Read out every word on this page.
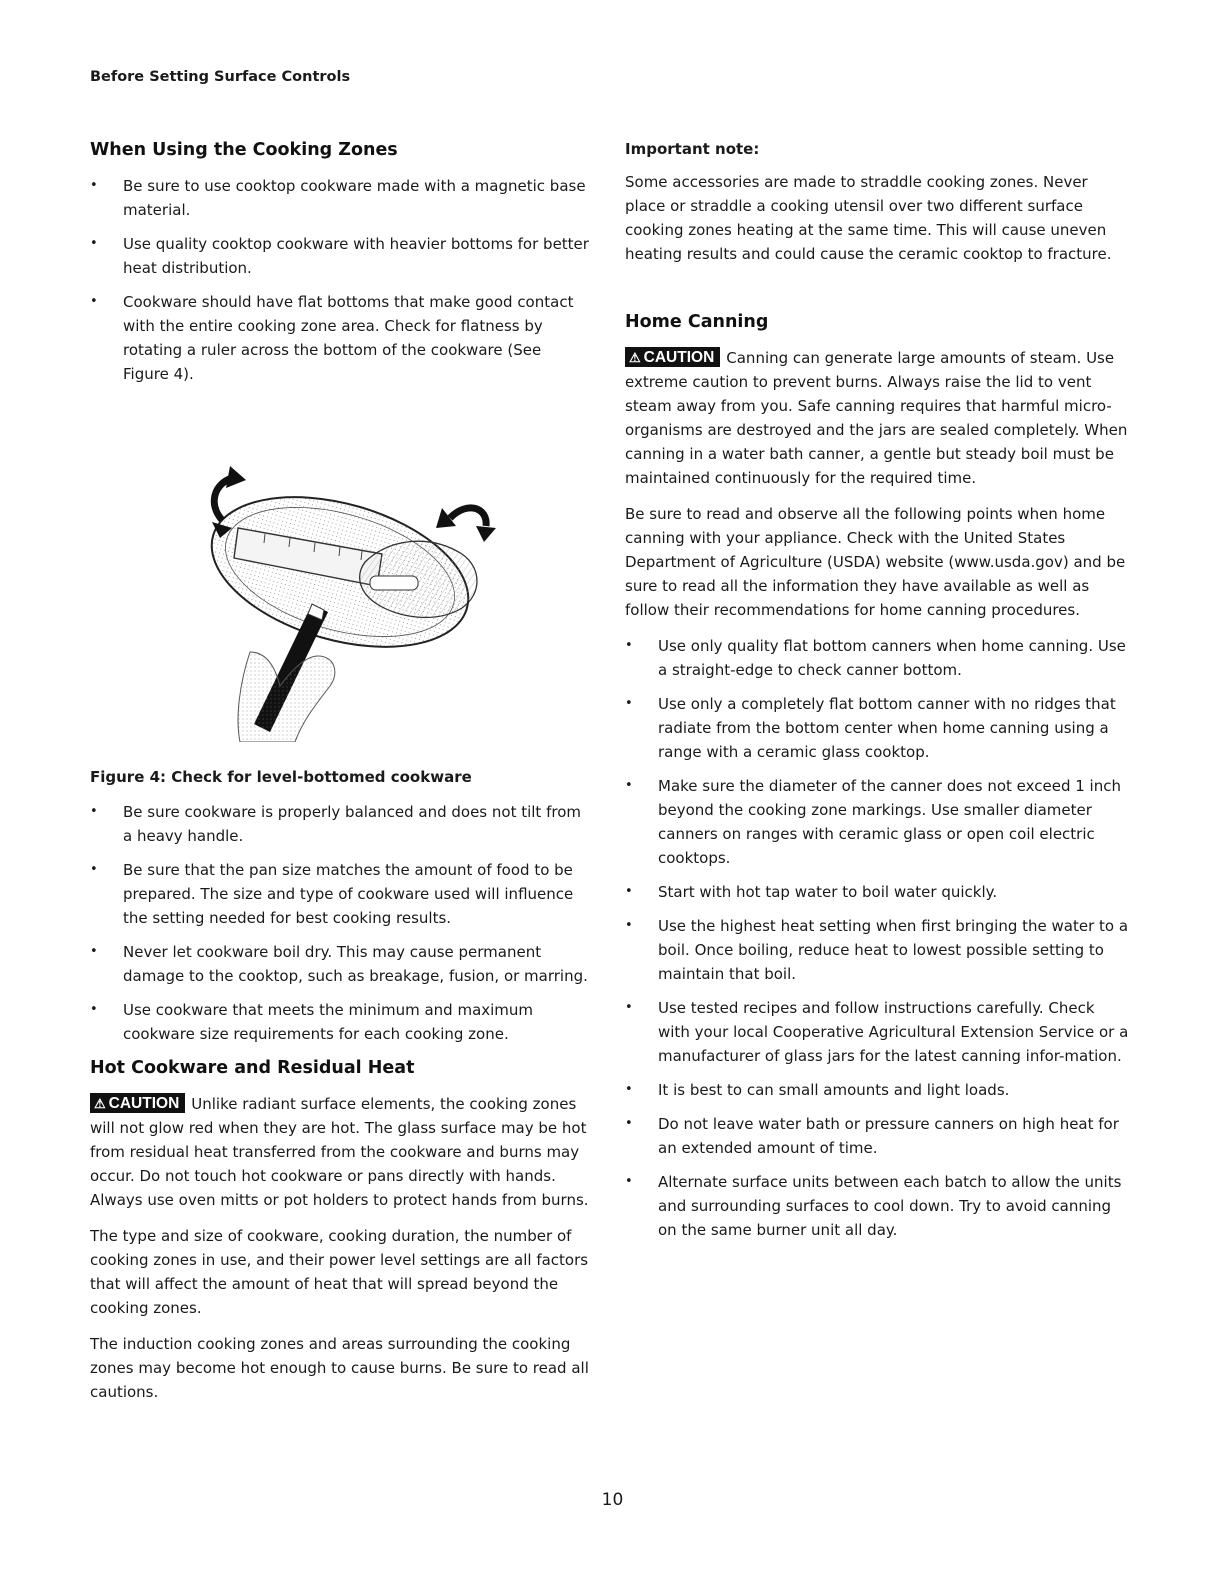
Before Setting Surface Controls
When Using the Cooking Zones
• Be sure to use cooktop cookware made with a magnetic base material.
• Use quality cooktop cookware with heavier bottoms for better heat distribution.
• Cookware should have flat bottoms that make good contact with the entire cooking zone area. Check for flatness by rotating a ruler across the bottom of the cookware (See Figure 4).
Figure 4: Check for level-bottomed cookware
• Be sure cookware is properly balanced and does not tilt from a heavy handle.
• Be sure that the pan size matches the amount of food to be prepared. The size and type of cookware used will influence the setting needed for best cooking results.
• Never let cookware boil dry. This may cause permanent damage to the cooktop, such as breakage, fusion, or marring.
• Use cookware that meets the minimum and maximum cookware size requirements for each cooking zone.
Hot Cookware and Residual Heat

⚠ CAUTION Unlike radiant surface elements, the cooking zones will not glow red when they are hot. The glass surface may be hot from residual heat transferred from the cookware and burns may occur. Do not touch hot cookware or pans directly with hands. Always use oven mitts or pot holders to protect hands from burns.

The type and size of cookware, cooking duration, the number of cooking zones in use, and their power level settings are all factors that will affect the amount of heat that will spread beyond the cooking zones.

The induction cooking zones and areas surrounding the cooking zones may become hot enough to cause burns. Be sure to read all cautions.

Important note:

Some accessories are made to straddle cooking zones. Never place or straddle a cooking utensil over two different surface cooking zones heating at the same time. This will cause uneven heating results and could cause the ceramic cooktop to fracture.

Home Canning

⚠ CAUTION Canning can generate large amounts of steam. Use extreme caution to prevent burns. Always raise the lid to vent steam away from you. Safe canning requires that harmful micro-organisms are destroyed and the jars are sealed completely. When canning in a water bath canner, a gentle but steady boil must be maintained continuously for the required time.

Be sure to read and observe all the following points when home canning with your appliance. Check with the United States Department of Agriculture (USDA) website (www.usda.gov) and be sure to read all the information they have available as well as follow their recommendations for home canning procedures.

• Use only quality flat bottom canners when home canning. Use a straight-edge to check canner bottom.
• Use only a completely flat bottom canner with no ridges that radiate from the bottom center when home canning using a range with a ceramic glass cooktop.
• Make sure the diameter of the canner does not exceed 1 inch beyond the cooking zone markings. Use smaller diameter canners on ranges with ceramic glass or open coil electric cooktops.
• Start with hot tap water to boil water quickly.
• Use the highest heat setting when first bringing the water to a boil. Once boiling, reduce heat to lowest possible setting to maintain that boil.
• Use tested recipes and follow instructions carefully. Check with your local Cooperative Agricultural Extension Service or a manufacturer of glass jars for the latest canning infor-mation.
• It is best to can small amounts and light loads.
• Do not leave water bath or pressure canners on high heat for an extended amount of time.
• Alternate surface units between each batch to allow the units and surrounding surfaces to cool down. Try to avoid canning on the same burner unit all day.
10
